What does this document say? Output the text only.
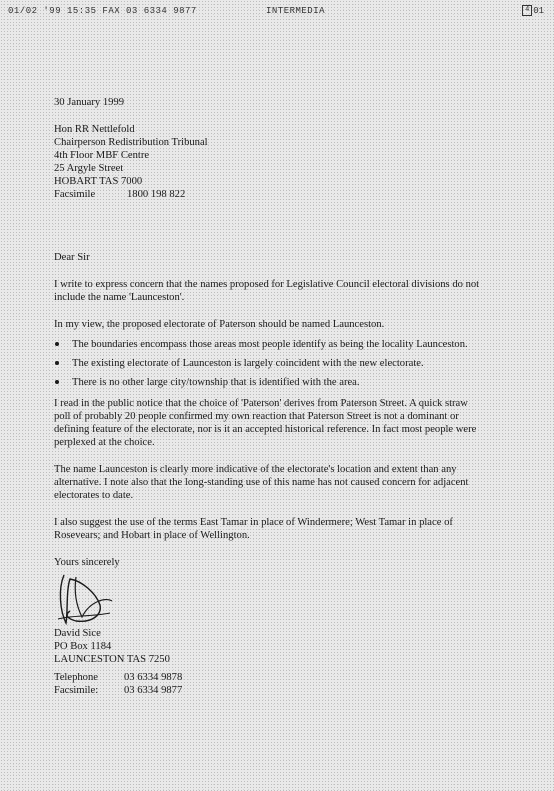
01/02 '99 15:35 FAX 03 6334 9877	INTERMEDIA	4 01

30 January 1999

Hon RR Nettlefold

Chairperson Redistribution Tribunal

4th Floor MBF Centre

25 Argyle Street

HOBART TAS 7000

Facsimile	1800 198 822

Dear Sir

I write to express concern that the names proposed for Legislative Council electoral divisions do not include the name 'Launceston'.

In my view, the proposed electorate of Paterson should be named Launceston.

The boundaries encompass those areas most people identify as being the locality Launceston.
The existing electorate of Launceston is largely coincident with the new electorate.
There is no other large city/township that is identified with the area.

I read in the public notice that the choice of 'Paterson' derives from Paterson Street. A quick straw poll of probably 20 people confirmed my own reaction that Paterson Street is not a dominant or defining feature of the electorate, nor is it an accepted historical reference. In fact most people were perplexed at the choice.

The name Launceston is clearly more indicative of the electorate's location and extent than any alternative. I note also that the long-standing use of this name has not caused concern for adjacent electorates to date.

I also suggest the use of the terms East Tamar in place of Windermere; West Tamar in place of Rosevears; and Hobart in place of Wellington.

Yours sincerely

David Sice

PO Box 1184

LAUNCESTON TAS 7250

Telephone 03 6334 9878

Facsimile: 03 6334 9877
